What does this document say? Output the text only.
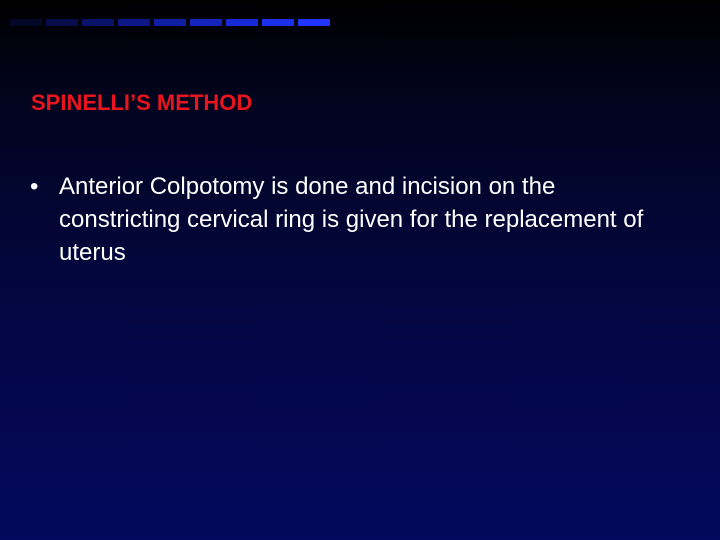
SPINELLI’S METHOD
• Anterior Colpotomy is done and incision on the constricting cervical ring is given for the replacement of uterus
